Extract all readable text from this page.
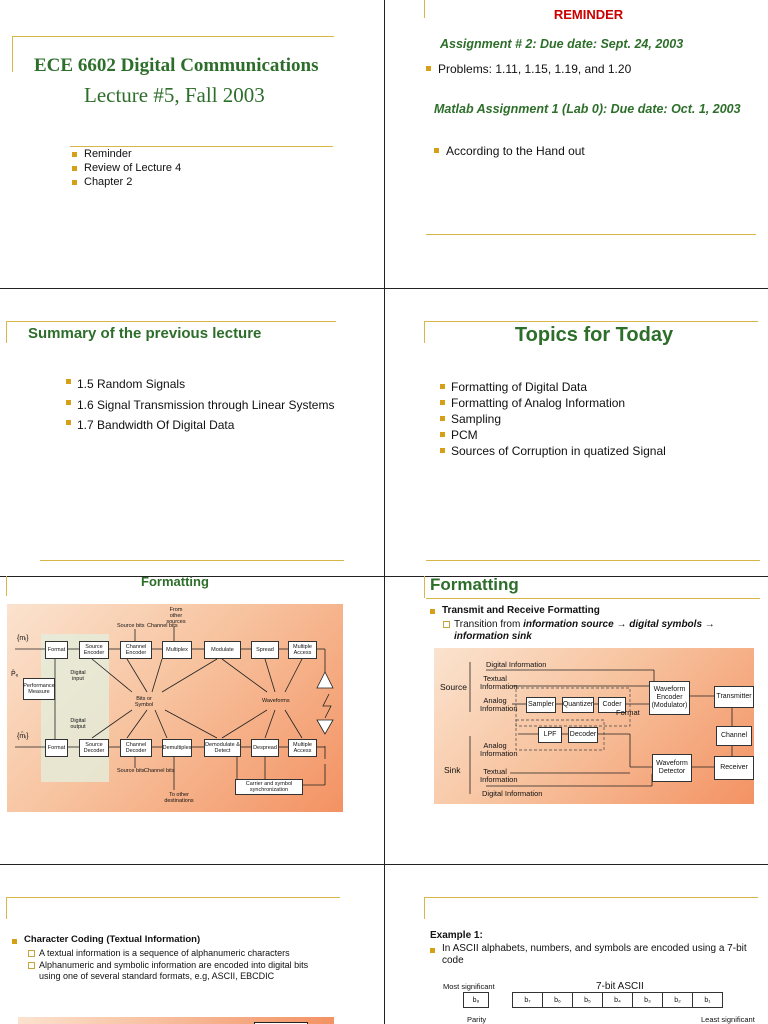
ECE 6602 Digital Communications
Lecture #5, Fall 2003
Reminder
Review of Lecture 4
Chapter 2
REMINDER
Assignment # 2: Due date: Sept. 24, 2003
Problems: 1.11, 1.15, 1.19, and 1.20
Matlab Assignment 1 (Lab 0): Due date: Oct. 1, 2003
According to the Hand out
Summary of the previous lecture
1.5 Random Signals
1.6 Signal Transmission through Linear Systems
1.7 Bandwidth Of Digital Data
Topics for Today
Formatting of Digital Data
Formatting of Analog Information
Sampling
PCM
Sources of Corruption in quatized Signal
Formatting
{mᵢ}
{m̂ᵢ}
P̂ₑ
Performance Measure
Source bits Channel bits
From other sources
Digital input
Digital output
Bits or Symbol
Waveforms
Source bits Channel bits
To other destinations
Carrier and symbol synchronization
Format	Source Encoder
Channel Encoder	Multiplex	Modulate	Spread	Multiple Access
Format	Source Decoder
Channel Decoder	Demultiplex Demodulate & Detect	Despread	Multiple Access
Formatting
Transmit and Receive Formatting
Transition from information source → digital symbols → information sink
Digital Information
Source
Textual Information
Analog Information Sampler Quantizer	Coder
Waveform Encoder (Modulator)
Transmitter
Channel
Receiver
Format
LPF	Decoder
Waveform Detector
Sink
Analog Information
Textual Information
Digital Information
Character Coding (Textual Information)
A textual information is a sequence of alphanumeric characters
Alphanumeric and symbolic information are encoded into digital bits using one of several standard formats, e.g, ASCII, EBCDIC
Example 1:
In ASCII alphabets, numbers, and symbols are encoded using a 7-bit code
Most significant	7-bit ASCII
b₈	b₇	b₆	b₅	b₄	b₃	b₂	b₁
Parity	Least significant
